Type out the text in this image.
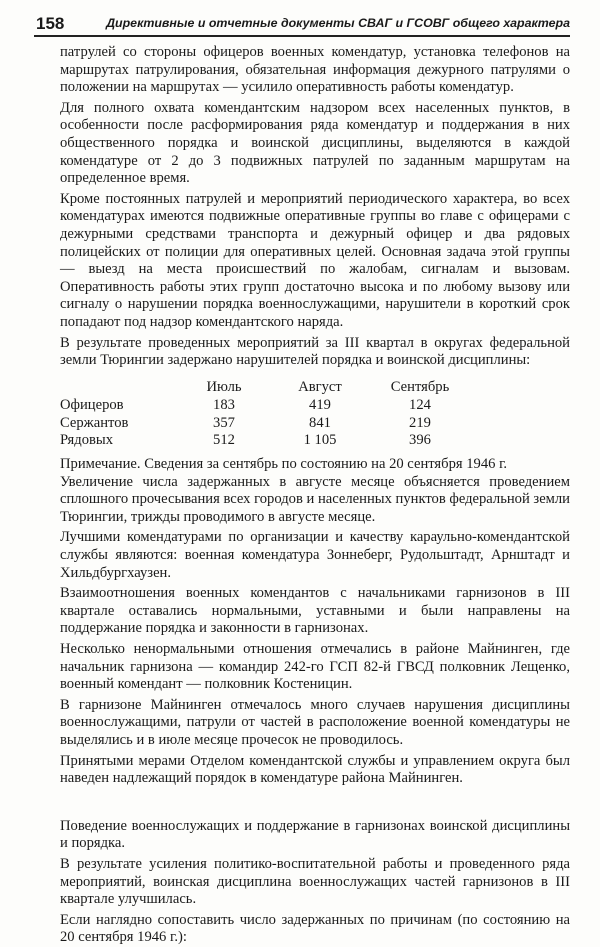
158	Директивные и отчетные документы СВАГ и ГСОВГ общего характера

патрулей со стороны офицеров военных комендатур, установка телефонов на маршрутах патрулирования, обязательная информация дежурного патрулями о положении на маршрутах — усилило оперативность работы комендатур.

Для полного охвата комендантским надзором всех населенных пунктов, в особенности после расформирования ряда комендатур и поддержания в них общественного порядка и воинской дисциплины, выделяются в каждой комендатуре от 2 до 3 подвижных патрулей по заданным маршрутам на определенное время.

Кроме постоянных патрулей и мероприятий периодического характера, во всех комендатурах имеются подвижные оперативные группы во главе с офицерами с дежурными средствами транспорта и дежурный офицер и два рядовых полицейских от полиции для оперативных целей. Основная задача этой группы — выезд на места происшествий по жалобам, сигналам и вызовам. Оперативность работы этих групп достаточно высока и по любому вызову или сигналу о нарушении порядка военнослужащими, нарушители в короткий срок попадают под надзор комендантского наряда.

В результате проведенных мероприятий за III квартал в округах федеральной земли Тюрингии задержано нарушителей порядка и воинской дисциплины:

	Июль	Август	Сентябрь
Офицеров	183	419	124
Сержантов	357	841	219
Рядовых	512	1 105	396

Примечание. Сведения за сентябрь по состоянию на 20 сентября 1946 г.

Увеличение числа задержанных в августе месяце объясняется проведением сплошного прочесывания всех городов и населенных пунктов федеральной земли Тюрингии, трижды проводимого в августе месяце.

Лучшими комендатурами по организации и качеству караульно-комендантской службы являются: военная комендатура Зоннеберг, Рудольштадт, Арнштадт и Хильдбургхаузен.

Взаимоотношения военных комендантов с начальниками гарнизонов в III квартале оставались нормальными, уставными и были направлены на поддержание порядка и законности в гарнизонах.

Несколько ненормальными отношения отмечались в районе Майнинген, где начальник гарнизона — командир 242-го ГСП 82-й ГВСД полковник Лещенко, военный комендант — полковник Костеницин.

В гарнизоне Майнинген отмечалось много случаев нарушения дисциплины военнослужащими, патрули от частей в расположение военной комендатуры не выделялись и в июле месяце прочесок не проводилось.

Принятыми мерами Отделом комендантской службы и управлением округа был наведен надлежащий порядок в комендатуре района Майнинген.

Поведение военнослужащих и поддержание в гарнизонах воинской дисциплины и порядка.

В результате усиления политико-воспитательной работы и проведенного ряда мероприятий, воинская дисциплина военнослужащих частей гарнизонов в III квартале улучшилась.

Если наглядно сопоставить число задержанных по причинам (по состоянию на 20 сентября 1946 г.):
